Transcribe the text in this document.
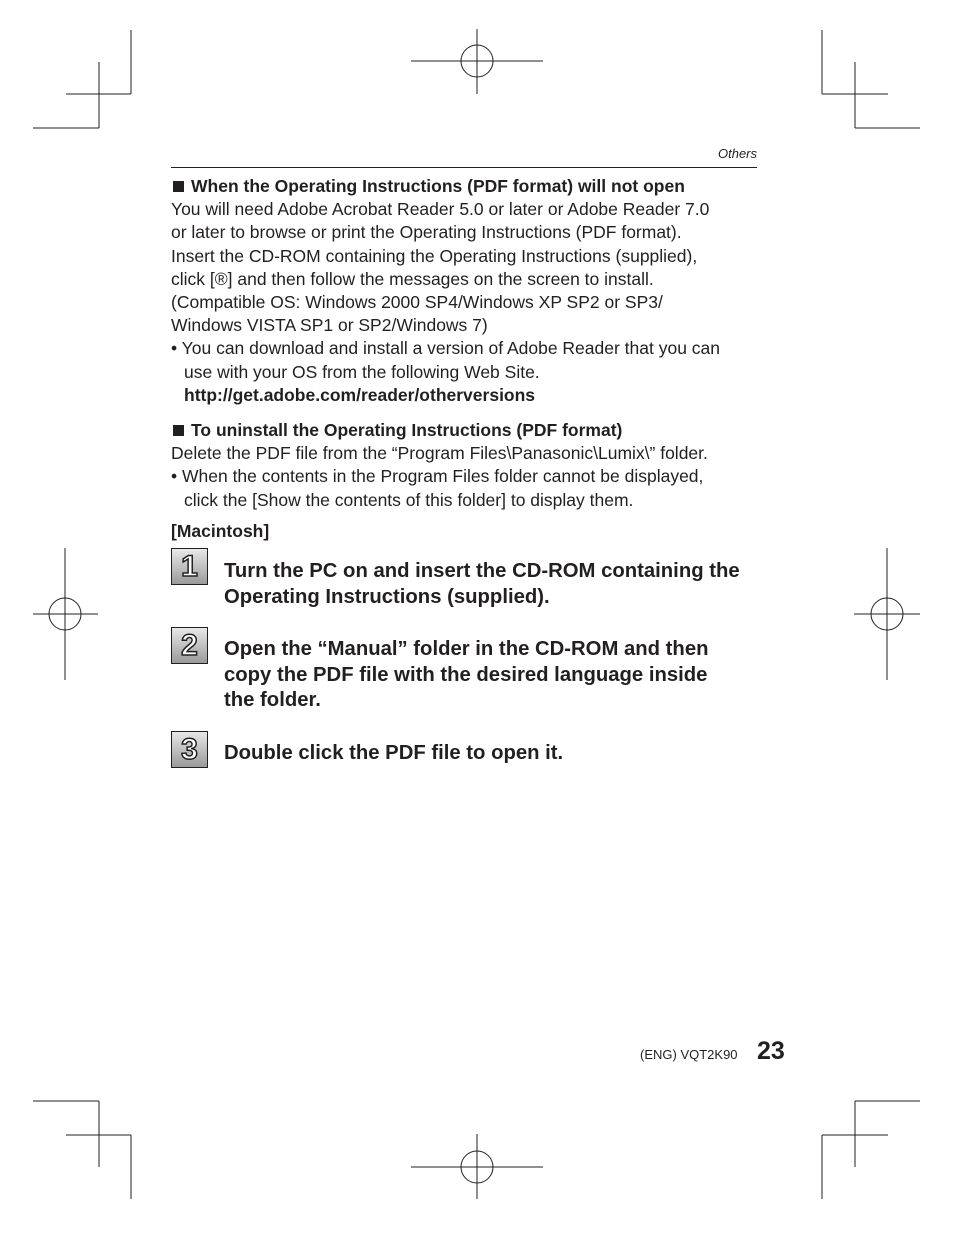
Others

When the Operating Instructions (PDF format) will not open

You will need Adobe Acrobat Reader 5.0 or later or Adobe Reader 7.0

or later to browse or print the Operating Instructions (PDF format).

Insert the CD-ROM containing the Operating Instructions (supplied),

click [®] and then follow the messages on the screen to install.

(Compatible OS: Windows 2000 SP4/Windows XP SP2 or SP3/

Windows VISTA SP1 or SP2/Windows 7)

• You can download and install a version of Adobe Reader that you can

use with your OS from the following Web Site.

http://get.adobe.com/reader/otherversions

To uninstall the Operating Instructions (PDF format)

Delete the PDF file from the “Program Files\Panasonic\Lumix\” folder.

• When the contents in the Program Files folder cannot be displayed,

click the [Show the contents of this folder] to display them.

[Macintosh]

1 Turn the PC on and insert the CD-ROM containing the
Operating Instructions (supplied).
2 Open the “Manual” folder in the CD-ROM and then
copy the PDF file with the desired language inside
the folder.
3 Double click the PDF file to open it.
(ENG) VQT2K90 23
